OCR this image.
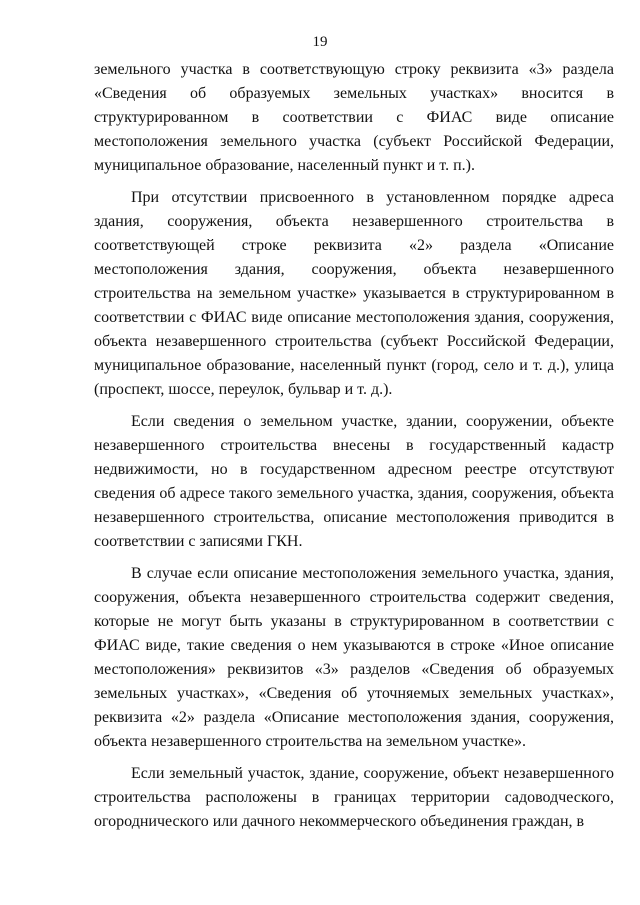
19

земельного участка в соответствующую строку реквизита «3» раздела «Сведения об образуемых земельных участках» вносится в структурированном в соответствии с ФИАС виде описание местоположения земельного участка (субъект Российской Федерации, муниципальное образование, населенный пункт и т. п.).

При отсутствии присвоенного в установленном порядке адреса здания, сооружения, объекта незавершенного строительства в соответствующей строке реквизита «2» раздела «Описание местоположения здания, сооружения, объекта незавершенного строительства на земельном участке» указывается в структурированном в соответствии с ФИАС виде описание местоположения здания, сооружения, объекта незавершенного строительства (субъект Российской Федерации, муниципальное образование, населенный пункт (город, село и т. д.), улица (проспект, шоссе, переулок, бульвар и т. д.).

Если сведения о земельном участке, здании, сооружении, объекте незавершенного строительства внесены в государственный кадастр недвижимости, но в государственном адресном реестре отсутствуют сведения об адресе такого земельного участка, здания, сооружения, объекта незавершенного строительства, описание местоположения приводится в соответствии с записями ГКН.

В случае если описание местоположения земельного участка, здания, сооружения, объекта незавершенного строительства содержит сведения, которые не могут быть указаны в структурированном в соответствии с ФИАС виде, такие сведения о нем указываются в строке «Иное описание местоположения» реквизитов «3» разделов «Сведения об образуемых земельных участках», «Сведения об уточняемых земельных участках», реквизита «2» раздела «Описание местоположения здания, сооружения, объекта незавершенного строительства на земельном участке».

Если земельный участок, здание, сооружение, объект незавершенного строительства расположены в границах территории садоводческого, огороднического или дачного некоммерческого объединения граждан, в
